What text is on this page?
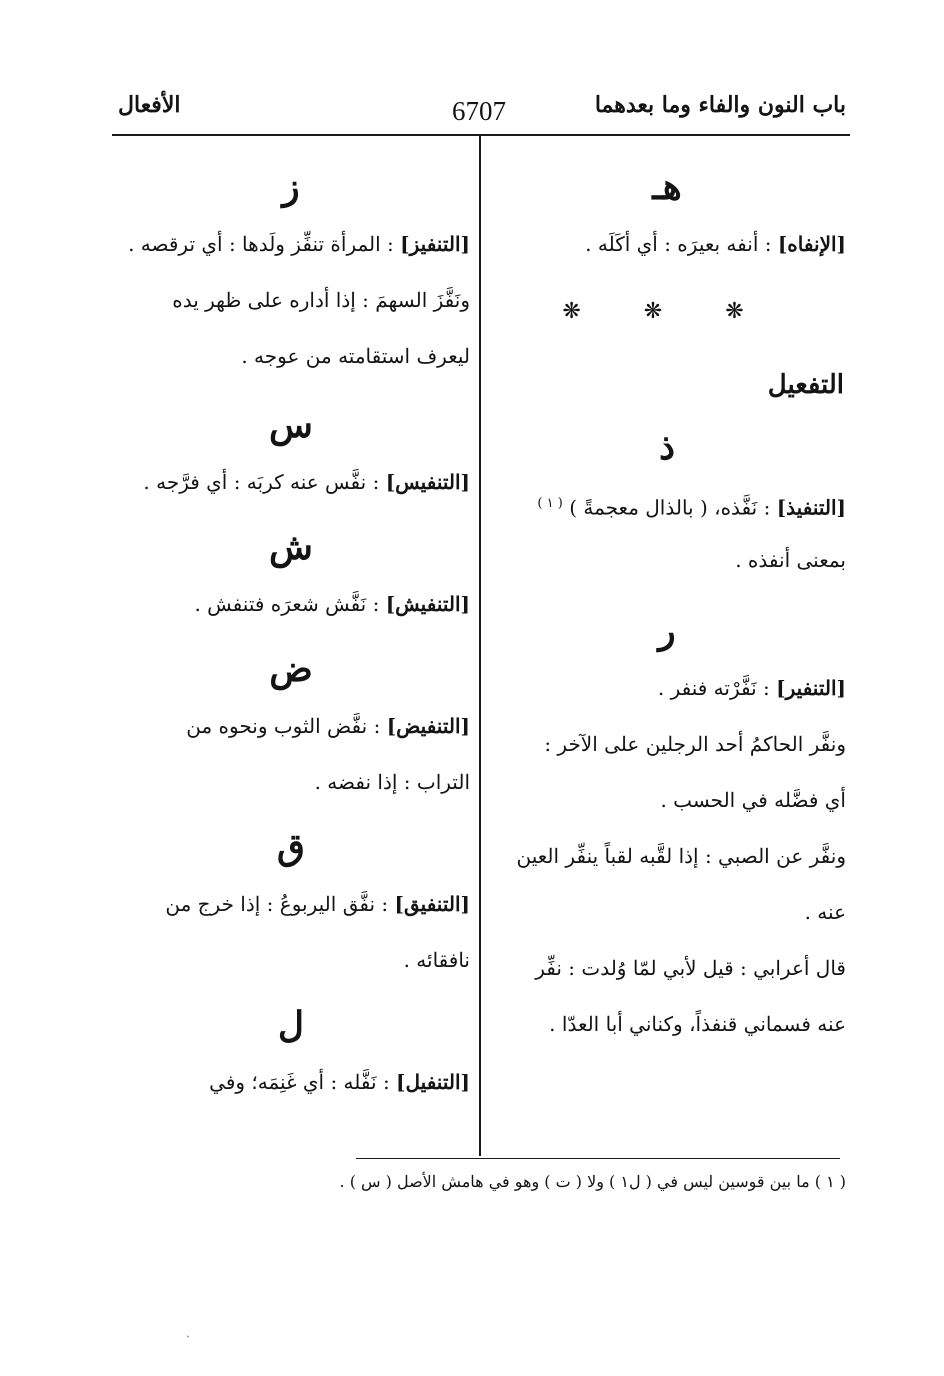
باب النون والفاء وما بعدهما
6707
الأفعال
هـ
[الإنفاه] : أنفه بعيرَه : أي أكَلَه .
❋ ❋ ❋
التفعيل
ذ
[التنفيذ] : نَفَّذه، ( بالذال معجمةً ) $^{( ١ )}$
بمعنى أنفذه .
ر
[التنفير] : نَفَّرْته فنفر .
ونفَّر الحاكمُ أحد الرجلين على الآخر :
أي فضَّله في الحسب .
ونفَّر عن الصبي : إذا لقَّبه لقباً ينفِّر العين
عنه .
قال أعرابي : قيل لأبي لمّا وُلدت : نفِّر
عنه فسماني قنفذاً، وكناني أبا العدّا .
ز
[التنفيز] : المرأة تنفِّز ولَدها : أي ترقصه .
ونَفَّزَ السهمَ : إذا أداره على ظهر يده
ليعرف استقامته من عوجه .
س
[التنفيس] : نفَّس عنه كربَه : أي فرَّجه .
ش
[التنفيش] : نَفَّش شعرَه فتنفش .
ض
[التنفيض] : نفَّض الثوب ونحوه من
التراب : إذا نفضه .
ق
[التنفيق] : نفَّق اليربوعُ : إذا خرج من
نافقائه .
ل
[التنفيل] : نَفَّله : أي غَنِمَه؛ وفي
( ١ ) ما بين قوسين ليس في ( ل١ ) ولا ( ت ) وهو في هامش الأصل ( س ) .
ˎ
